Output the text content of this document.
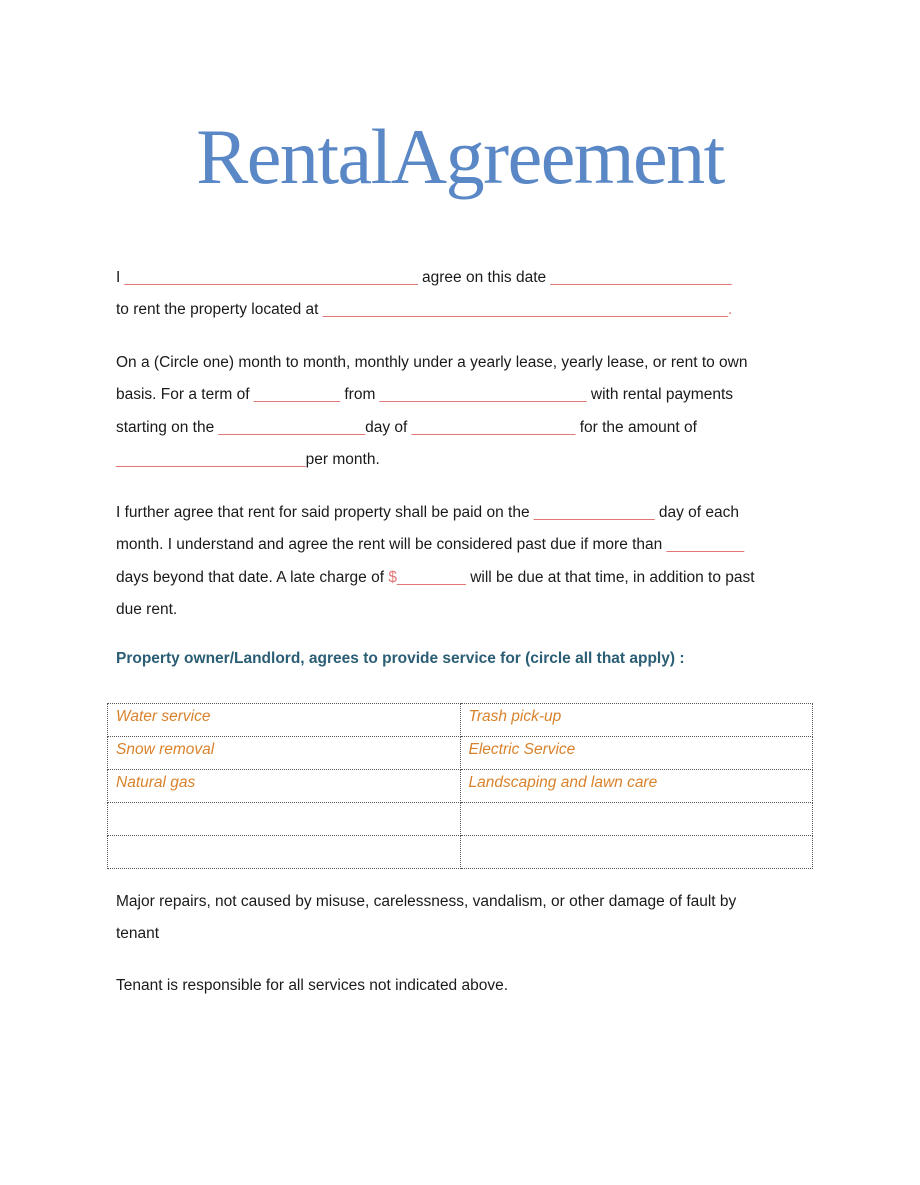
RentalAgreement
I __________________________________ agree on this date _____________________
to rent the property located at _______________________________________________.
On a (Circle one) month to month, monthly under a yearly lease, yearly lease, or rent to own
basis. For a term of __________ from ________________________ with rental payments
starting on the _________________day of ___________________ for the amount of
______________________per month.
I further agree that rent for said property shall be paid on the ______________ day of each
month. I understand and agree the rent will be considered past due if more than _________
days beyond that date. A late charge of $________ will be due at that time, in addition to past
due rent.
Property owner/Landlord, agrees to provide service for (circle all that apply) :
Water service	Trash pick-up
Snow removal	Electric Service
Natural gas	Landscaping and lawn care

Major repairs, not caused by misuse, carelessness, vandalism, or other damage of fault by
tenant
Tenant is responsible for all services not indicated above.
